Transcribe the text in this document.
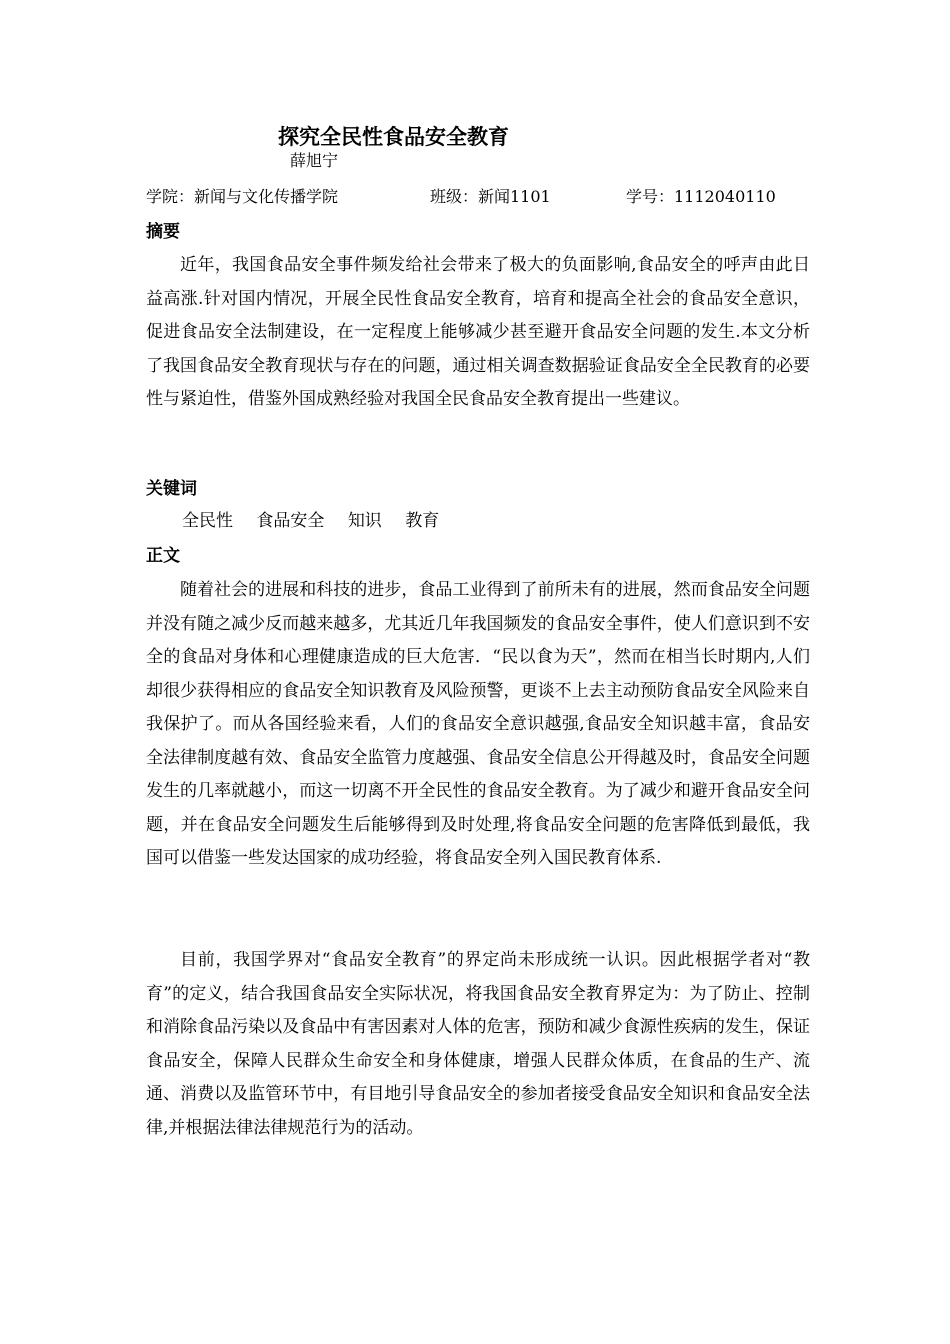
探究全民性食品安全教育
薛旭宁
学院：新闻与文化传播学院	班级：新闻1101	学号：1112040110
摘要

近年，我国食品安全事件频发给社会带来了极大的负面影响,食品安全的呼声由此日益高涨.针对国内情况，开展全民性食品安全教育，培育和提高全社会的食品安全意识，促进食品安全法制建设，在一定程度上能够减少甚至避开食品安全问题的发生.本文分析了我国食品安全教育现状与存在的问题，通过相关调查数据验证食品安全全民教育的必要性与紧迫性，借鉴外国成熟经验对我国全民食品安全教育提出一些建议。

关键词
全民性 食品安全 知识 教育
正文

随着社会的进展和科技的进步，食品工业得到了前所未有的进展，然而食品安全问题并没有随之减少反而越来越多，尤其近几年我国频发的食品安全事件，使人们意识到不安全的食品对身体和心理健康造成的巨大危害．“民以食为天”，然而在相当长时期内,人们却很少获得相应的食品安全知识教育及风险预警，更谈不上去主动预防食品安全风险来自我保护了。而从各国经验来看，人们的食品安全意识越强,食品安全知识越丰富，食品安全法律制度越有效、食品安全监管力度越强、食品安全信息公开得越及时，食品安全问题发生的几率就越小，而这一切离不开全民性的食品安全教育。为了减少和避开食品安全问题，并在食品安全问题发生后能够得到及时处理,将食品安全问题的危害降低到最低，我国可以借鉴一些发达国家的成功经验，将食品安全列入国民教育体系.

目前，我国学界对“食品安全教育”的界定尚未形成统一认识。因此根据学者对“教育”的定义，结合我国食品安全实际状况，将我国食品安全教育界定为：为了防止、控制和消除食品污染以及食品中有害因素对人体的危害，预防和减少食源性疾病的发生，保证食品安全，保障人民群众生命安全和身体健康，增强人民群众体质，在食品的生产、流通、消费以及监管环节中，有目地引导食品安全的参加者接受食品安全知识和食品安全法律,并根据法律法律规范行为的活动。
